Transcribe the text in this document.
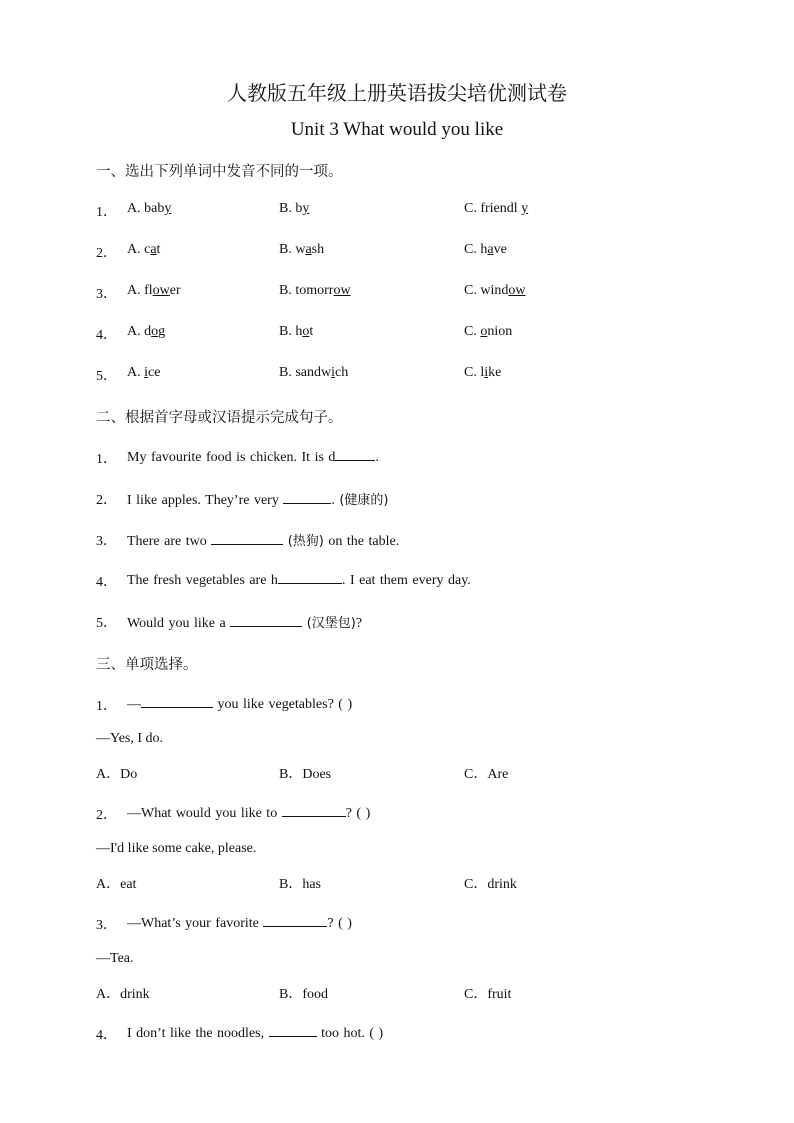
人教版五年级上册英语拔尖培优测试卷
Unit 3 What would you like
一、选出下列单词中发音不同的一项。
1． A. baby	B. by	C. friendl y
2． A. cat	B. wash	C. have
3． A. flower	B. tomorrow	C. window
4． A. dog	B. hot	C. onion
5． A. ice	B. sandwich	C. like
二、根据首字母或汉语提示完成句子。
1． My favourite food is chicken. It is d	.
2． I like apples. They’re very	. (健康的)
3． There are two	(热狗) on the table.
4． The fresh vegetables are h	. I eat them every day.
5． Would you like a	(汉堡包)?
三、单项选择。
1． —	you like vegetables? ( )
—Yes, I do.
A．Do	B．Does	C．Are
2． —What would you like to	? ( )
—I'd like some cake, please.
A．eat	B．has	C．drink
3． —What’s your favorite	? ( )
—Tea.
A．drink	B．food	C．fruit
4． I don’t like the noodles,	too hot. ( )
